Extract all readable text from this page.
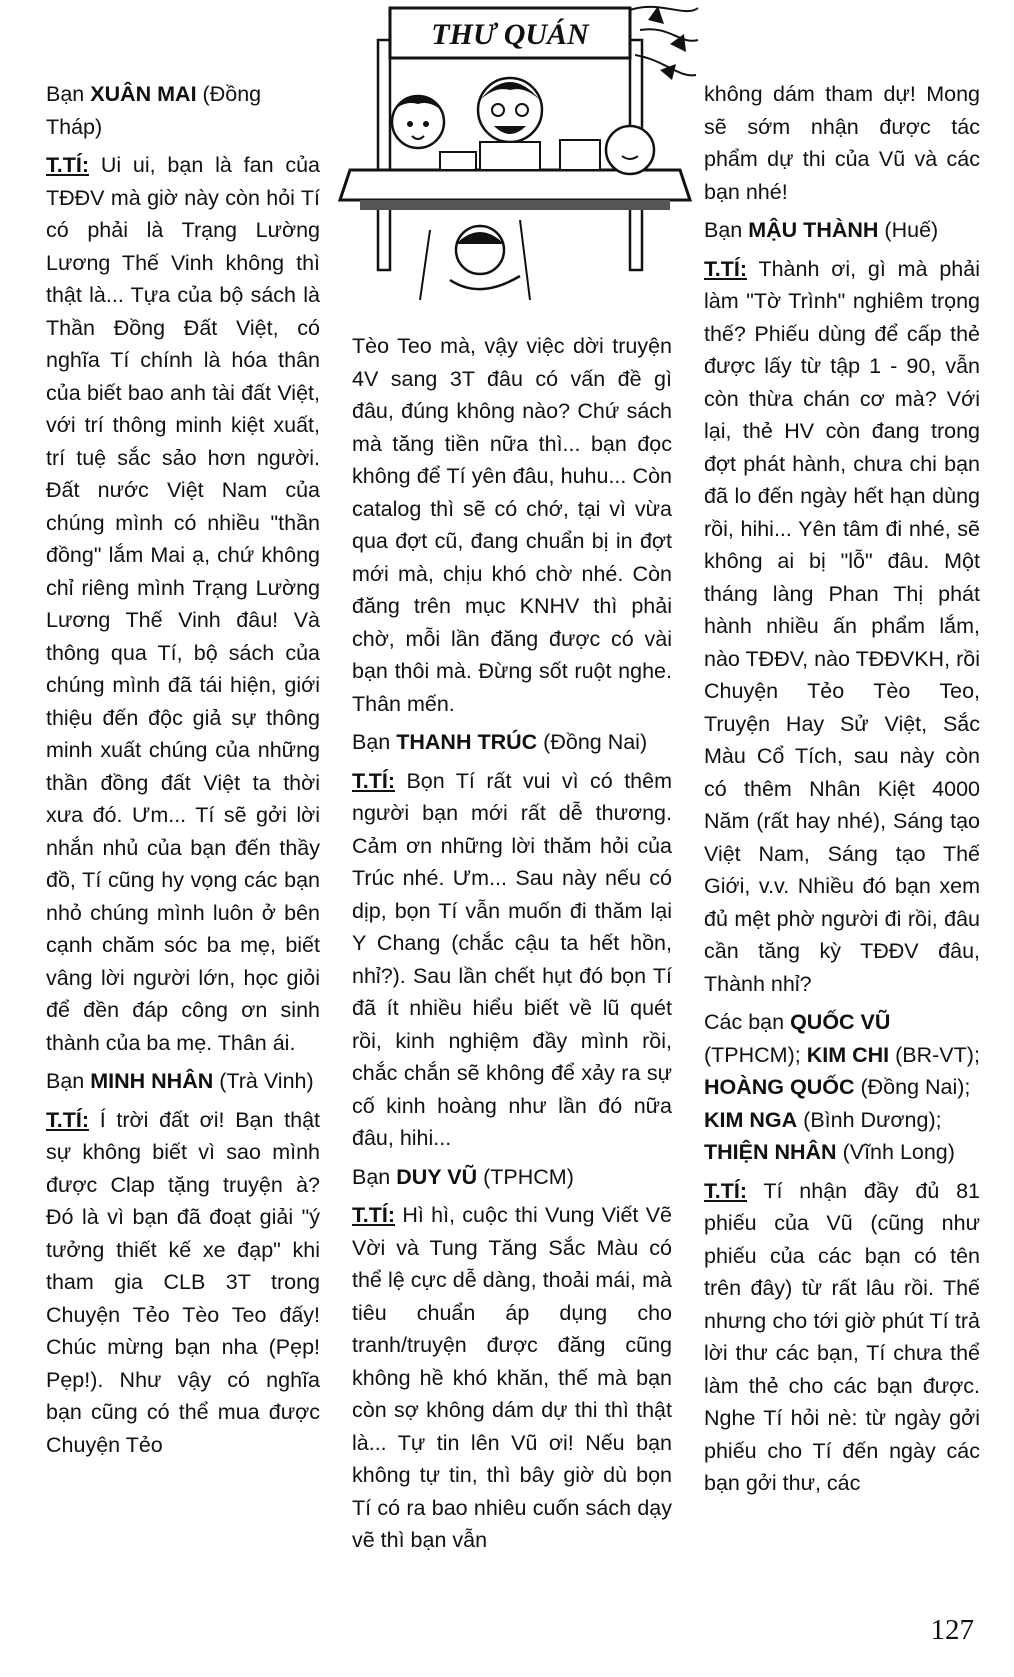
THƯ QUÁN

Bạn XUÂN MAI (Đồng Tháp)

T.TÍ: Ui ui, bạn là fan của TĐĐV mà giờ này còn hỏi Tí có phải là Trạng Lường Lương Thế Vinh không thì thật là... Tựa của bộ sách là Thần Đồng Đất Việt, có nghĩa Tí chính là hóa thân của biết bao anh tài đất Việt, với trí thông minh kiệt xuất, trí tuệ sắc sảo hơn người. Đất nước Việt Nam của chúng mình có nhiều "thần đồng" lắm Mai ạ, chứ không chỉ riêng mình Trạng Lường Lương Thế Vinh đâu! Và thông qua Tí, bộ sách của chúng mình đã tái hiện, giới thiệu đến độc giả sự thông minh xuất chúng của những thần đồng đất Việt ta thời xưa đó. Ưm... Tí sẽ gởi lời nhắn nhủ của bạn đến thầy đồ, Tí cũng hy vọng các bạn nhỏ chúng mình luôn ở bên cạnh chăm sóc ba mẹ, biết vâng lời người lớn, học giỏi để đền đáp công ơn sinh thành của ba mẹ. Thân ái.

Bạn MINH NHÂN (Trà Vinh)

T.TÍ: Í trời đất ơi! Bạn thật sự không biết vì sao mình được Clap tặng truyện à? Đó là vì bạn đã đoạt giải "ý tưởng thiết kế xe đạp" khi tham gia CLB 3T trong Chuyện Tẻo Tèo Teo đấy! Chúc mừng bạn nha (Pẹp! Pẹp!). Như vậy có nghĩa bạn cũng có thể mua được Chuyện Tẻo

Tèo Teo mà, vậy việc dời truyện 4V sang 3T đâu có vấn đề gì đâu, đúng không nào? Chứ sách mà tăng tiền nữa thì... bạn đọc không để Tí yên đâu, huhu... Còn catalog thì sẽ có chớ, tại vì vừa qua đợt cũ, đang chuẩn bị in đợt mới mà, chịu khó chờ nhé. Còn đăng trên mục KNHV thì phải chờ, mỗi lần đăng được có vài bạn thôi mà. Đừng sốt ruột nghe. Thân mến.

Bạn THANH TRÚC (Đồng Nai)

T.TÍ: Bọn Tí rất vui vì có thêm người bạn mới rất dễ thương. Cảm ơn những lời thăm hỏi của Trúc nhé. Ưm... Sau này nếu có dịp, bọn Tí vẫn muốn đi thăm lại Y Chang (chắc cậu ta hết hồn, nhỉ?). Sau lần chết hụt đó bọn Tí đã ít nhiều hiểu biết về lũ quét rồi, kinh nghiệm đầy mình rồi, chắc chắn sẽ không để xảy ra sự cố kinh hoàng như lần đó nữa đâu, hihi...

Bạn DUY VŨ (TPHCM)

T.TÍ: Hì hì, cuộc thi Vung Viết Vẽ Vời và Tung Tăng Sắc Màu có thể lệ cực dễ dàng, thoải mái, mà tiêu chuẩn áp dụng cho tranh/truyện được đăng cũng không hề khó khăn, thế mà bạn còn sợ không dám dự thi thì thật là... Tự tin lên Vũ ơi! Nếu bạn không tự tin, thì bây giờ dù bọn Tí có ra bao nhiêu cuốn sách dạy vẽ thì bạn vẫn

không dám tham dự! Mong sẽ sớm nhận được tác phẩm dự thi của Vũ và các bạn nhé!

Bạn MẬU THÀNH (Huế)

T.TÍ: Thành ơi, gì mà phải làm "Tờ Trình" nghiêm trọng thế? Phiếu dùng để cấp thẻ được lấy từ tập 1 - 90, vẫn còn thừa chán cơ mà? Với lại, thẻ HV còn đang trong đợt phát hành, chưa chi bạn đã lo đến ngày hết hạn dùng rồi, hihi... Yên tâm đi nhé, sẽ không ai bị "lỗ" đâu. Một tháng làng Phan Thị phát hành nhiều ấn phẩm lắm, nào TĐĐV, nào TĐĐVKH, rồi Chuyện Tẻo Tèo Teo, Truyện Hay Sử Việt, Sắc Màu Cổ Tích, sau này còn có thêm Nhân Kiệt 4000 Năm (rất hay nhé), Sáng tạo Việt Nam, Sáng tạo Thế Giới, v.v. Nhiều đó bạn xem đủ mệt phờ người đi rồi, đâu cần tăng kỳ TĐĐV đâu, Thành nhỉ?

Các bạn QUỐC VŨ (TPHCM); KIM CHI (BR-VT); HOÀNG QUỐC (Đồng Nai); KIM NGA (Bình Dương); THIỆN NHÂN (Vĩnh Long)

T.TÍ: Tí nhận đầy đủ 81 phiếu của Vũ (cũng như phiếu của các bạn có tên trên đây) từ rất lâu rồi. Thế nhưng cho tới giờ phút Tí trả lời thư các bạn, Tí chưa thể làm thẻ cho các bạn được. Nghe Tí hỏi nè: từ ngày gởi phiếu cho Tí đến ngày các bạn gởi thư, các

127
